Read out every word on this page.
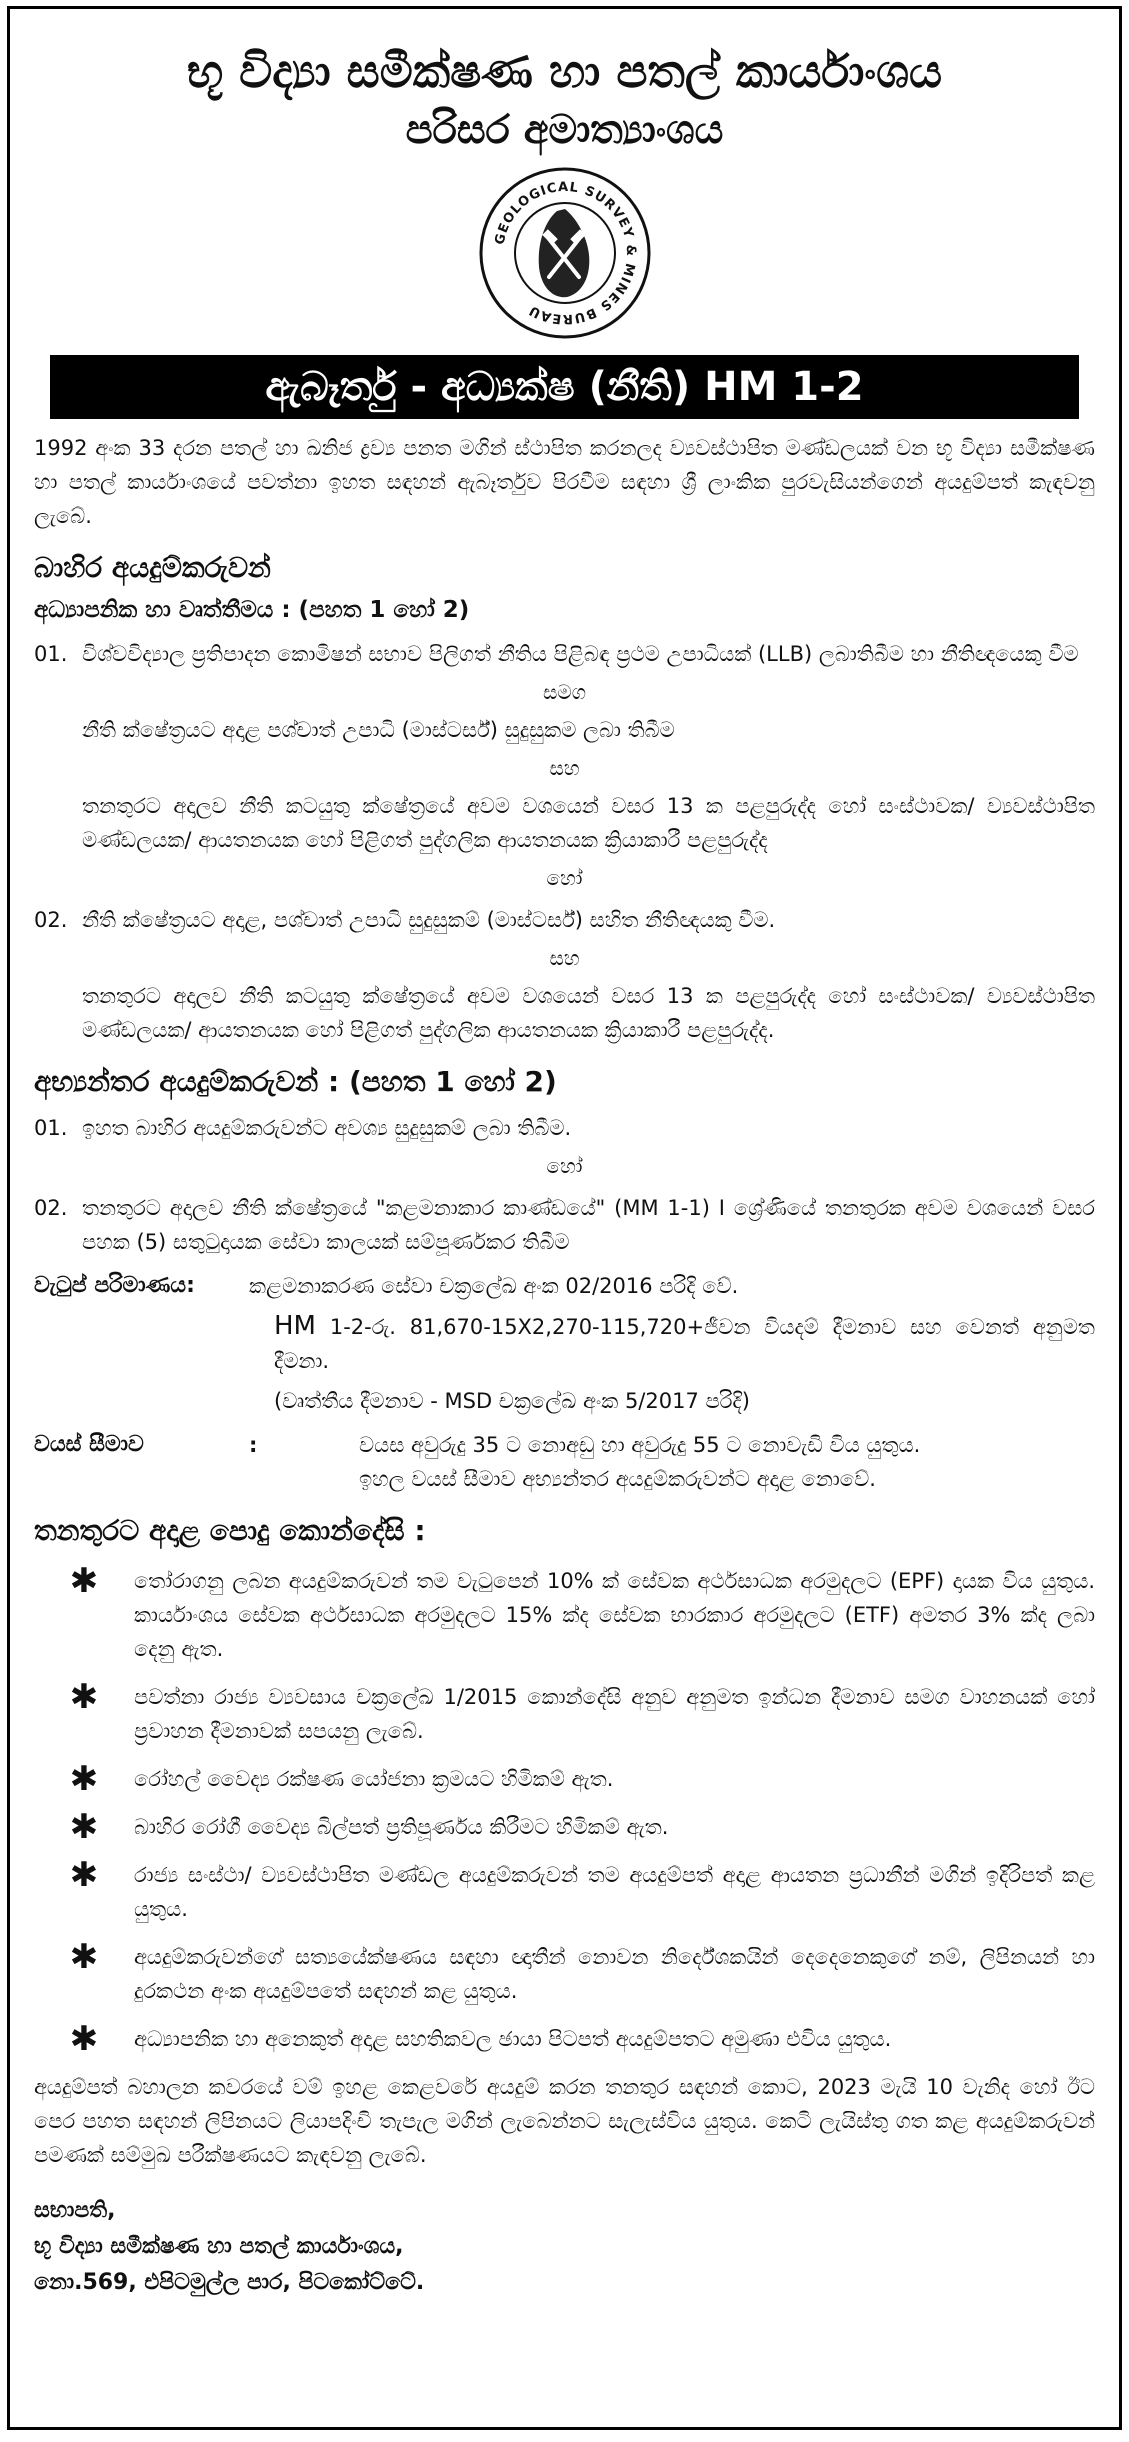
භූ විද්‍යා සමීක්ෂණ හා පතල් කාර්යාංශය
පරිසර අමාත්‍යාංශය
GEOLOGICAL SURVEY & MINES BUREAU
ඇබෑර්තු - අධ්‍යක්ෂ (නීති) HM 1-2

1992 අංක 33 දරන පතල් හා ඛනිජ ද්‍රව්‍ය පනත මගින් ස්ථාපිත කරනලද ව්‍යවස්ථාපිත මණ්ඩලයක් වන භූ විද්‍යා සමීක්ෂණ හා පතල් කාර්යාංශයේ පවත්නා ඉහත සඳහන් ඇබෑර්තුව පිරවීම සඳහා ශ්‍රී ලාංකික පුරවැසියන්ගෙන් අයදුම්පත් කැඳවනු ලැබේ.

බාහිර අයදුම්කරුවන්
අධ්‍යාපනික හා වෘත්තීමය : (පහත 1 හෝ 2)
01. විශ්වවිද්‍යාල ප්‍රතිපාදන කොමිෂන් සභාව පිලිගත් නීතිය පිළිබඳ ප්‍රථම උපාධියක් (LLB) ලබාතිබීම හා නීතිඥයෙකු වීම
සමග
නීති ක්ෂේත්‍රයට අදාළ පශ්චාත් උපාධි (මාස්ටර්ස්) සුදුසුකම ලබා තිබීම
සහ
තනතුරට අදාලව නීති කටයුතු ක්ෂේත්‍රයේ අවම වශයෙන් වසර 13 ක පළපුරුද්ද හෝ සංස්ථාවක/ ව්‍යවස්ථාපිත මණ්ඩලයක/ ආයතනයක හෝ පිළිගත් පුද්ගලික ආයතනයක ක්‍රියාකාරී පළපුරුද්ද
හෝ
02. නීති ක්ෂේත්‍රයට අදාළ, පශ්චාත් උපාධි සුදුසුකම් (මාස්ටර්ස්) සහිත නීතිඥයකු වීම.
සහ
තනතුරට අදාලව නීති කටයුතු ක්ෂේත්‍රයේ අවම වශයෙන් වසර 13 ක පළපුරුද්ද හෝ සංස්ථාවක/ ව්‍යවස්ථාපිත මණ්ඩලයක/ ආයතනයක හෝ පිළිගත් පුද්ගලික ආයතනයක ක්‍රියාකාරී පළපුරුද්ද.
අභ්‍යන්තර අයදුම්කරුවන් : (පහත 1 හෝ 2)
01. ඉහත බාහිර අයදුම්කරුවන්ට අවශ්‍ය සුදුසුකම් ලබා තිබීම.
හෝ
02. තනතුරට අදාලව නීති ක්ෂේත්‍රයේ "කළමනාකාර කාණ්ඩයේ" (MM 1-1) I ශ්‍රේණියේ තනතුරක අවම වශයෙන් වසර පහක (5) සතුටුදායක සේවා කාලයක් සම්පූර්ණකර තිබීම
වැටුප් පරිමාණය:	කළමනාකරණ සේවා චක්‍රලේඛ අංක 02/2016 පරිදි වේ.
HM 1-2-රු. 81,670-15X2,270-115,720+ජීවන වියදම් දීමනාව සහ වෙනත් අනුමත දීමනා.
(වෘත්තීය දීමනාව - MSD චක්‍රලේඛ අංක 5/2017 පරිදි)
වයස් සීමාව	:	වයස අවුරුදු 35 ට නොඅඩු හා අවුරුදු 55 ට නොවැඩි විය යුතුය.
ඉහල වයස් සීමාව අභ්‍යන්තර අයදුම්කරුවන්ට අදාළ නොවේ.
තනතුරට අදාළ පොදු කොන්දේසි :
✱	තෝරාගනු ලබන අයදුම්කරුවන් තම වැටුපෙන් 10% ක් සේවක අර්ථසාධක අරමුදලට (EPF) දායක විය යුතුය. කාර්යාංශය සේවක අර්ථසාධක අරමුදලට 15% ක්ද සේවක භාරකාර අරමුදලට (ETF) අමතර 3% ක්ද ලබා දෙනු ඇත.
✱	පවත්නා රාජ්‍ය ව්‍යවසාය චක්‍රලේඛ 1/2015 කොන්දේසි අනුව අනුමත ඉන්ධන දීමනාව සමග වාහනයක් හෝ ප්‍රවාහන දීමනාවක් සපයනු ලැබේ.
✱	රෝහල් වෛද්‍ය රක්ෂණ යෝජනා ක්‍රමයට හිමිකම් ඇත.
✱	බාහිර රෝගී වෛද්‍ය බිල්පත් ප්‍රතිපූර්ණය කිරීමට හිමිකම් ඇත.
✱	රාජ්‍ය සංස්ථා/ ව්‍යවස්ථාපිත මණ්ඩල අයදුම්කරුවන් තම අයදුම්පත් අදාළ ආයතන ප්‍රධානීන් මගින් ඉදිරිපත් කළ යුතුය.
✱	අයදුම්කරුවන්ගේ සත්‍යයේක්ෂණය සඳහා ඥාතීන් නොවන නිර්දේශකයින් දෙදෙනෙකුගේ නම්, ලිපිනයන් හා දුරකථන අංක අයදුම්පතේ සඳහන් කළ යුතුය.
✱	අධ්‍යාපනික හා අනෙකුත් අදාළ සහතිකවල ඡායා පිටපත් අයදුම්පතට අමුණා එවිය යුතුය.

අයදුම්පත් බහාලන කවරයේ වම් ඉහළ කෙළවරේ අයදුම් කරන තනතුර සඳහන් කොට, 2023 මැයි 10 වැනිද හෝ ඊට පෙර පහත සඳහන් ලිපිනයට ලියාපදිංචි තැපැල මගින් ලැබෙන්නට සැලැස්විය යුතුය. කෙටි ලැයිස්තු ගත කළ අයදුම්කරුවන් පමණක් සම්මුඛ පරීක්ෂණයට කැඳවනු ලැබේ.

සභාපති,
භූ විද්‍යා සමීක්ෂණ හා පතල් කාර්යාංශය,
නො.569, එපිටමුල්ල පාර, පිටකෝට්ටේ.
